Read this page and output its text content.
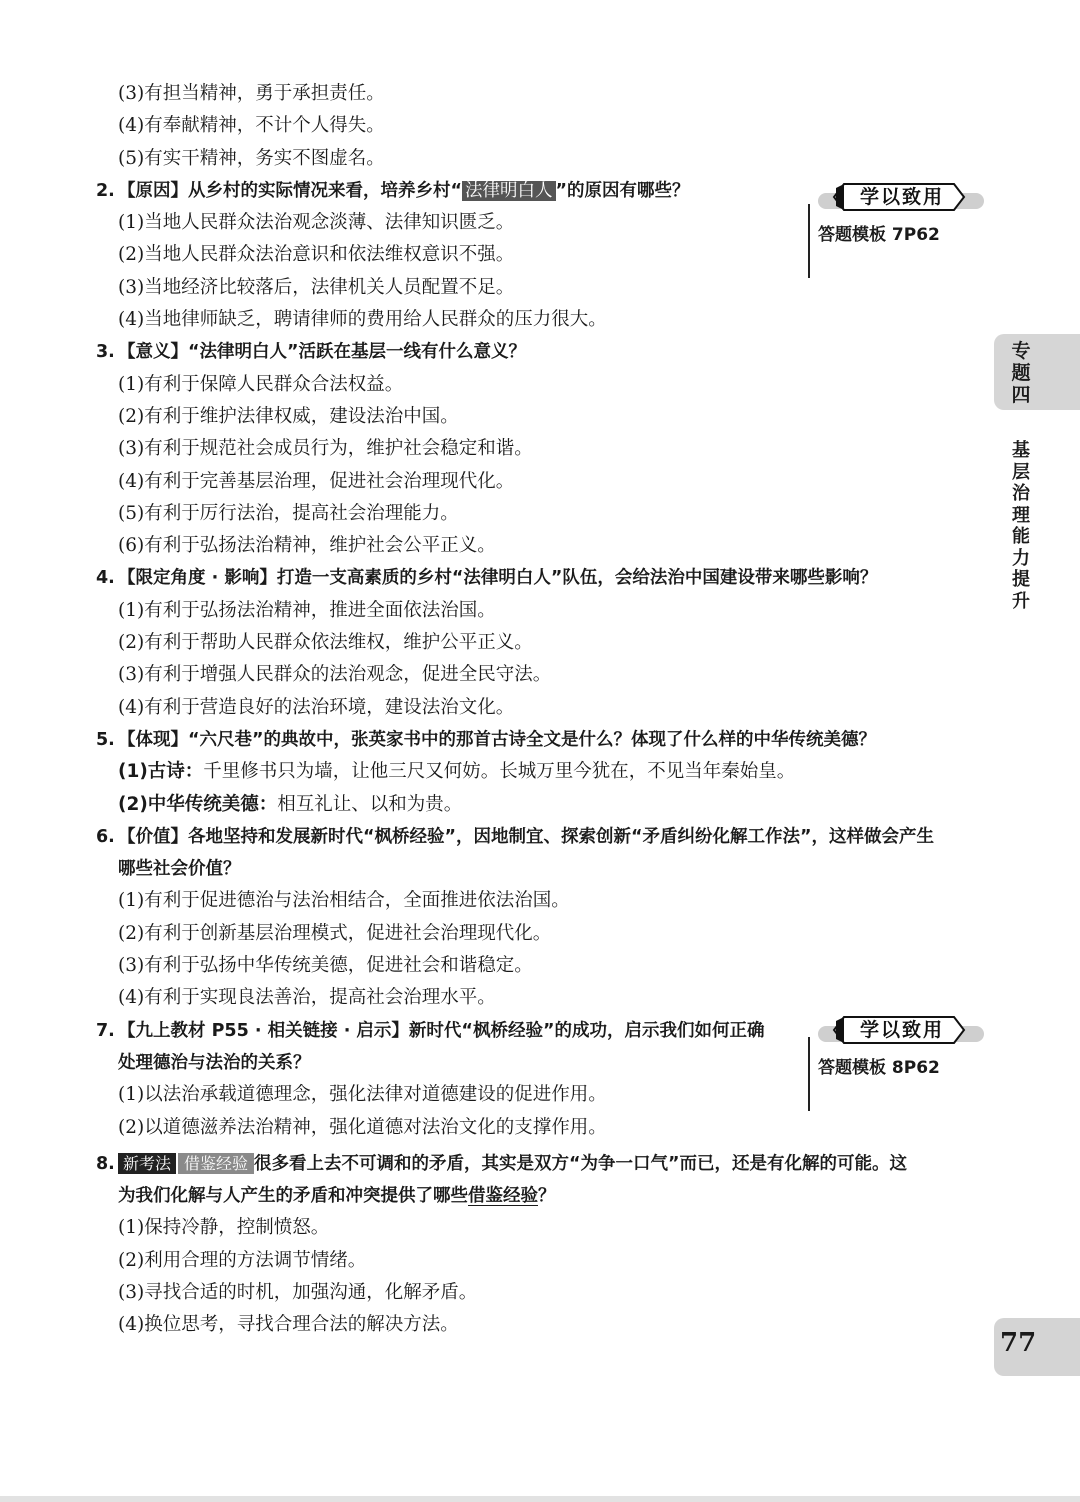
(3)有担当精神，勇于承担责任。
(4)有奉献精神，不计个人得失。
(5)有实干精神，务实不图虚名。
2. 【原因】从乡村的实际情况来看，培养乡村“ 法律明白人 ”的原因有哪些？
(1)当地人民群众法治观念淡薄、法律知识匮乏。
(2)当地人民群众法治意识和依法维权意识不强。
(3)当地经济比较落后，法律机关人员配置不足。
(4)当地律师缺乏，聘请律师的费用给人民群众的压力很大。
3. 【意义】“法律明白人”活跃在基层一线有什么意义？
(1)有利于保障人民群众合法权益。
(2)有利于维护法律权威，建设法治中国。
(3)有利于规范社会成员行为，维护社会稳定和谐。
(4)有利于完善基层治理，促进社会治理现代化。
(5)有利于厉行法治，提高社会治理能力。
(6)有利于弘扬法治精神，维护社会公平正义。
4. 【限定角度 · 影响】打造一支高素质的乡村“法律明白人”队伍，会给法治中国建设带来哪些影响？
(1)有利于弘扬法治精神，推进全面依法治国。
(2)有利于帮助人民群众依法维权，维护公平正义。
(3)有利于增强人民群众的法治观念，促进全民守法。
(4)有利于营造良好的法治环境，建设法治文化。
5. 【体现】“六尺巷”的典故中，张英家书中的那首古诗全文是什么？体现了什么样的中华传统美德？
(1)古诗：千里修书只为墙，让他三尺又何妨。长城万里今犹在，不见当年秦始皇。
(2)中华传统美德：相互礼让、以和为贵。
6. 【价值】各地坚持和发展新时代“枫桥经验”，因地制宜、探索创新“矛盾纠纷化解工作法”，这样做会产生
哪些社会价值？
(1)有利于促进德治与法治相结合，全面推进依法治国。
(2)有利于创新基层治理模式，促进社会治理现代化。
(3)有利于弘扬中华传统美德，促进社会和谐稳定。
(4)有利于实现良法善治，提高社会治理水平。
7. 【九上教材 P55 · 相关链接 · 启示】新时代“枫桥经验”的成功，启示我们如何正确
处理德治与法治的关系？
(1)以法治承载道德理念，强化法律对道德建设的促进作用。
(2)以道德滋养法治精神，强化道德对法治文化的支撑作用。
8. 新考法 借鉴经验 很多看上去不可调和的矛盾，其实是双方“为争一口气”而已，还是有化解的可能。这
为我们化解与人产生的矛盾和冲突提供了哪些借鉴经验？
(1)保持冷静，控制愤怒。
(2)利用合理的方法调节情绪。
(3)寻找合适的时机，加强沟通，化解矛盾。
(4)换位思考，寻找合理合法的解决方法。
学以致用
答题模板 7P62
学以致用
答题模板 8P62
专题四
基层治理能力提升
77
